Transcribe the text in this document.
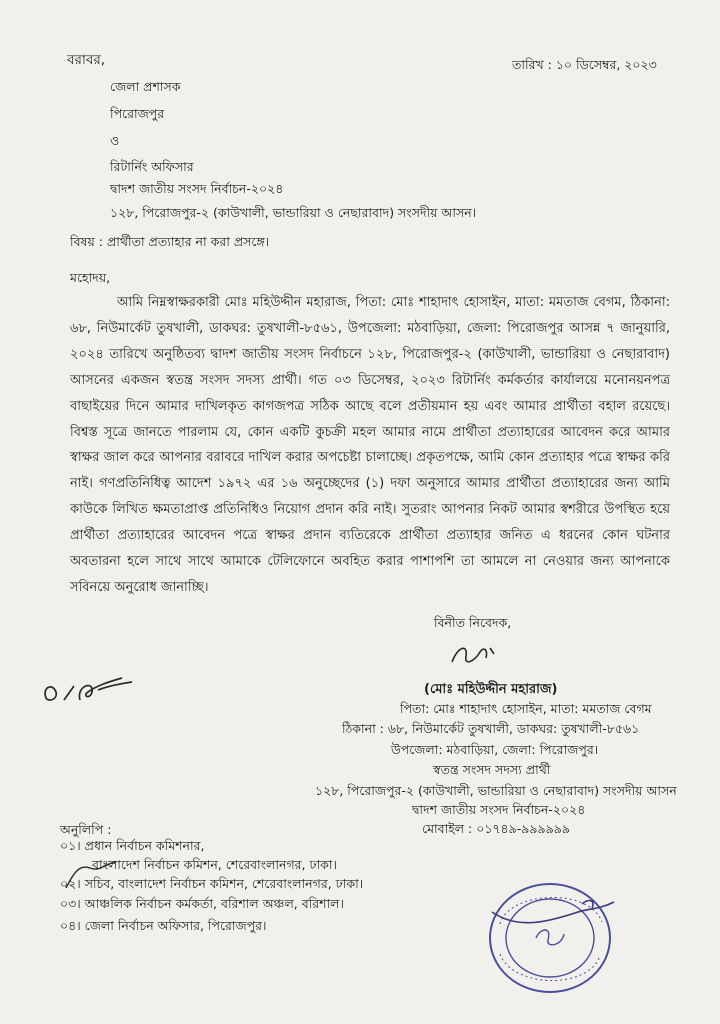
বরাবর,	তারিখ : ১০ ডিসেম্বর, ২০২৩
জেলা প্রশাসক
পিরোজপুর
ও
রিটার্নিং অফিসার
দ্বাদশ জাতীয় সংসদ নির্বাচন-২০২৪
১২৮, পিরোজপুর-২ (কাউখালী, ভান্ডারিয়া ও নেছারাবাদ) সংসদীয় আসন।
বিষয় : প্রার্থীতা প্রত্যাহার না করা প্রসঙ্গে।
মহোদয়,
আমি নিম্নস্বাক্ষরকারী মোঃ মহিউদ্দীন মহারাজ, পিতা: মোঃ শাহাদাৎ হোসাইন, মাতা: মমতাজ বেগম, ঠিকানা: ৬৮, নিউমার্কেট তুষখালী, ডাকঘর: তুষখালী-৮৫৬১, উপজেলা: মঠবাড়িয়া, জেলা: পিরোজপুর আসন্ন ৭ জানুয়ারি, ২০২৪ তারিখে অনুষ্ঠিতব্য দ্বাদশ জাতীয় সংসদ নির্বাচনে ১২৮, পিরোজপুর-২ (কাউখালী, ভান্ডারিয়া ও নেছারাবাদ) আসনের একজন স্বতন্ত্র সংসদ সদস্য প্রার্থী। গত ০৩ ডিসেম্বর, ২০২৩ রিটার্নিং কর্মকর্তার কার্যালয়ে মনোনয়নপত্র বাছাইয়ের দিনে আমার দাখিলকৃত কাগজপত্র সঠিক আছে বলে প্রতীয়মান হয় এবং আমার প্রার্থীতা বহাল রয়েছে। বিশ্বস্ত সূত্রে জানতে পারলাম যে, কোন একটি কুচক্রী মহল আমার নামে প্রার্থীতা প্রত্যাহারের আবেদন করে আমার স্বাক্ষর জাল করে আপনার বরাবরে দাখিল করার অপচেষ্টা চালাচ্ছে। প্রকৃতপক্ষে, আমি কোন প্রত্যাহার পত্রে স্বাক্ষর করি নাই। গণপ্রতিনিধিত্ব আদেশ ১৯৭২ এর ১৬ অনুচ্ছেদের (১) দফা অনুসারে আমার প্রার্থীতা প্রত্যাহারের জন্য আমি কাউকে লিখিত ক্ষমতাপ্রাপ্ত প্রতিনিধিও নিয়োগ প্রদান করি নাই। সুতরাং আপনার নিকট আমার স্বশরীরে উপস্থিত হয়ে প্রার্থীতা প্রত্যাহারের আবেদন পত্রে স্বাক্ষর প্রদান ব্যতিরেকে প্রার্থীতা প্রত্যাহার জনিত এ ধরনের কোন ঘটনার অবতারনা হলে সাথে সাথে আমাকে টেলিফোনে অবহিত করার পাশাপশি তা আমলে না নেওয়ার জন্য আপনাকে সবিনয়ে অনুরোধ জানাচ্ছি।
বিনীত নিবেদক,
(মোঃ মহিউদ্দীন মহারাজ)
পিতা: মোঃ শাহাদাৎ হোসাইন, মাতা: মমতাজ বেগম
ঠিকানা : ৬৮, নিউমার্কেট তুষখালী, ডাকঘর: তুষখালী-৮৫৬১
উপজেলা: মঠবাড়িয়া, জেলা: পিরোজপুর।
স্বতন্ত্র সংসদ সদস্য প্রার্থী
১২৮, পিরোজপুর-২ (কাউখালী, ভান্ডারিয়া ও নেছারাবাদ) সংসদীয় আসন
দ্বাদশ জাতীয় সংসদ নির্বাচন-২০২৪
মোবাইল : ০১৭৪৯-৯৯৯৯৯৯
অনুলিপি :
০১। প্রধান নির্বাচন কমিশনার,
বাংলাদেশ নির্বাচন কমিশন, শেরেবাংলানগর, ঢাকা।
০২। সচিব, বাংলাদেশ নির্বাচন কমিশন, শেরেবাংলানগর, ঢাকা।
০৩। আঞ্চলিক নির্বাচন কর্মকর্তা, বরিশাল অঞ্চল, বরিশাল।
০৪। জেলা নির্বাচন অফিসার, পিরোজপুর।
